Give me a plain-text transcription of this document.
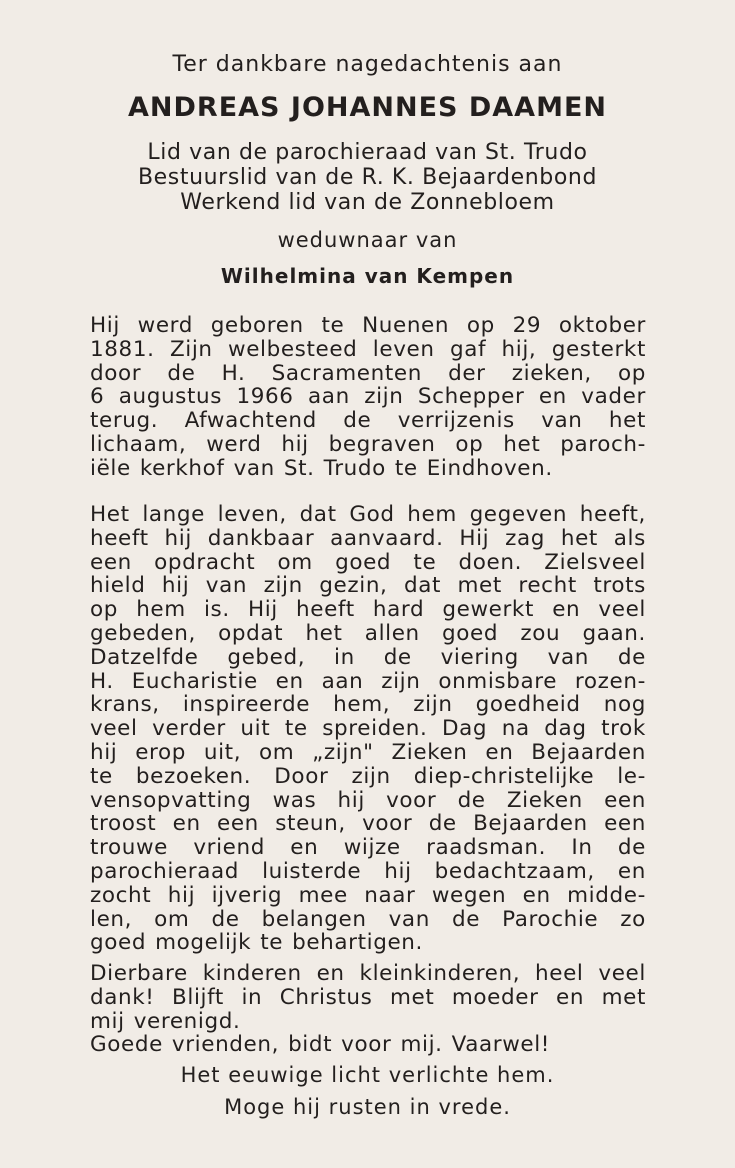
Ter dankbare nagedachtenis aan
ANDREAS JOHANNES DAAMEN
Lid van de parochieraad van St. Trudo
Bestuurslid van de R. K. Bejaardenbond
Werkend lid van de Zonnebloem
weduwnaar van
Wilhelmina van Kempen
Hij werd geboren te Nuenen op 29 oktober
1881. Zijn welbesteed leven gaf hij, gesterkt
door de H. Sacramenten der zieken, op
6 augustus 1966 aan zijn Schepper en vader
terug. Afwachtend de verrijzenis van het
lichaam, werd hij begraven op het paroch-
iële kerkhof van St. Trudo te Eindhoven.
Het lange leven, dat God hem gegeven heeft,
heeft hij dankbaar aanvaard. Hij zag het als
een opdracht om goed te doen. Zielsveel
hield hij van zijn gezin, dat met recht trots
op hem is. Hij heeft hard gewerkt en veel
gebeden, opdat het allen goed zou gaan.
Datzelfde gebed, in de viering van de
H. Eucharistie en aan zijn onmisbare rozen-
krans, inspireerde hem, zijn goedheid nog
veel verder uit te spreiden. Dag na dag trok
hij erop uit, om „zijn" Zieken en Bejaarden
te bezoeken. Door zijn diep-christelijke le-
vensopvatting was hij voor de Zieken een
troost en een steun, voor de Bejaarden een
trouwe vriend en wijze raadsman. In de
parochieraad luisterde hij bedachtzaam, en
zocht hij ijverig mee naar wegen en midde-
len, om de belangen van de Parochie zo
goed mogelijk te behartigen.
Dierbare kinderen en kleinkinderen, heel veel
dank! Blijft in Christus met moeder en met
mij verenigd.
Goede vrienden, bidt voor mij. Vaarwel!
Het eeuwige licht verlichte hem.
Moge hij rusten in vrede.
